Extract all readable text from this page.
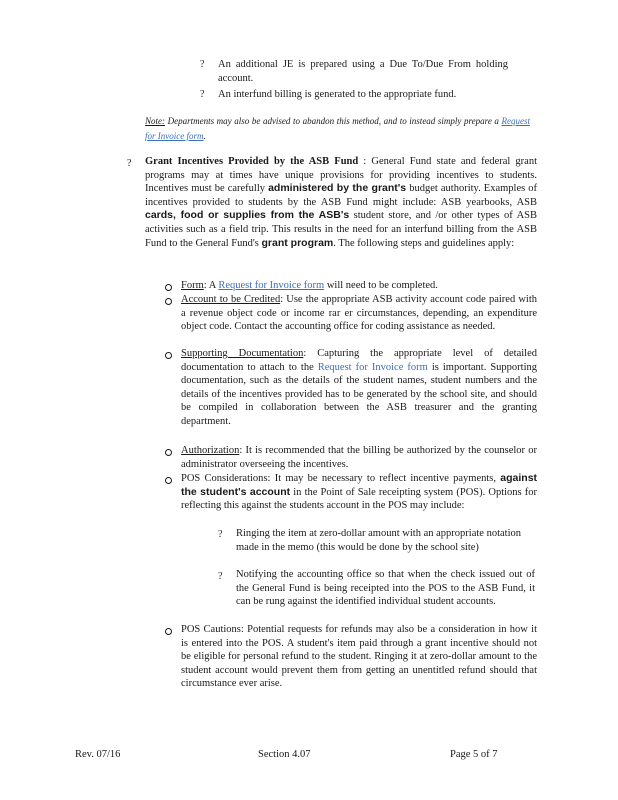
? An additional JE is prepared using a Due To/Due From holding account.
? An interfund billing is generated to the appropriate fund.
Note: Departments may also be advised to abandon this method, and to instead simply prepare a Request for Invoice form.
? Grant Incentives Provided by the ASB Fund : General Fund state and federal grant programs may at times have unique provisions for providing incentives to students. Incentives must be carefully administered by the grant's budget authority. Examples of incentives provided to students by the ASB Fund might include: ASB yearbooks, ASB cards, food or supplies from the ASB's student store, and /or other types of ASB activities such as a field trip. This results in the need for an interfund billing from the ASB Fund to the General Fund's grant program. The following steps and guidelines apply:
Form: A Request for Invoice form will need to be completed.
Account to be Credited: Use the appropriate ASB activity account code paired with a revenue object code or income rar er circumstances, depending, an expenditure object code. Contact the accounting office for coding assistance as needed.
Supporting Documentation: Capturing the appropriate level of detailed documentation to attach to the Request for Invoice form is important. Supporting documentation, such as the details of the student names, student numbers and the details of the incentives provided has to be generated by the school site, and should be compiled in collaboration between the ASB treasurer and the granting department.
Authorization: It is recommended that the billing be authorized by the counselor or administrator overseeing the incentives.
POS Considerations: It may be necessary to reflect incentive payments, against the student's account in the Point of Sale receipting system (POS). Options for reflecting this against the students account in the POS may include:
? Ringing the item at zero-dollar amount with an appropriate notation made in the memo (this would be done by the school site)
? Notifying the accounting office so that when the check issued out of the General Fund is being receipted into the POS to the ASB Fund, it can be rung against the identified individual student accounts.
POS Cautions: Potential requests for refunds may also be a consideration in how it is entered into the POS. A student's item paid through a grant incentive should not be eligible for personal refund to the student. Ringing it at zero-dollar amount to the student account would prevent them from getting an unentitled refund should that circumstance ever arise.
Rev. 07/16	Section 4.07	Page 5 of 7
